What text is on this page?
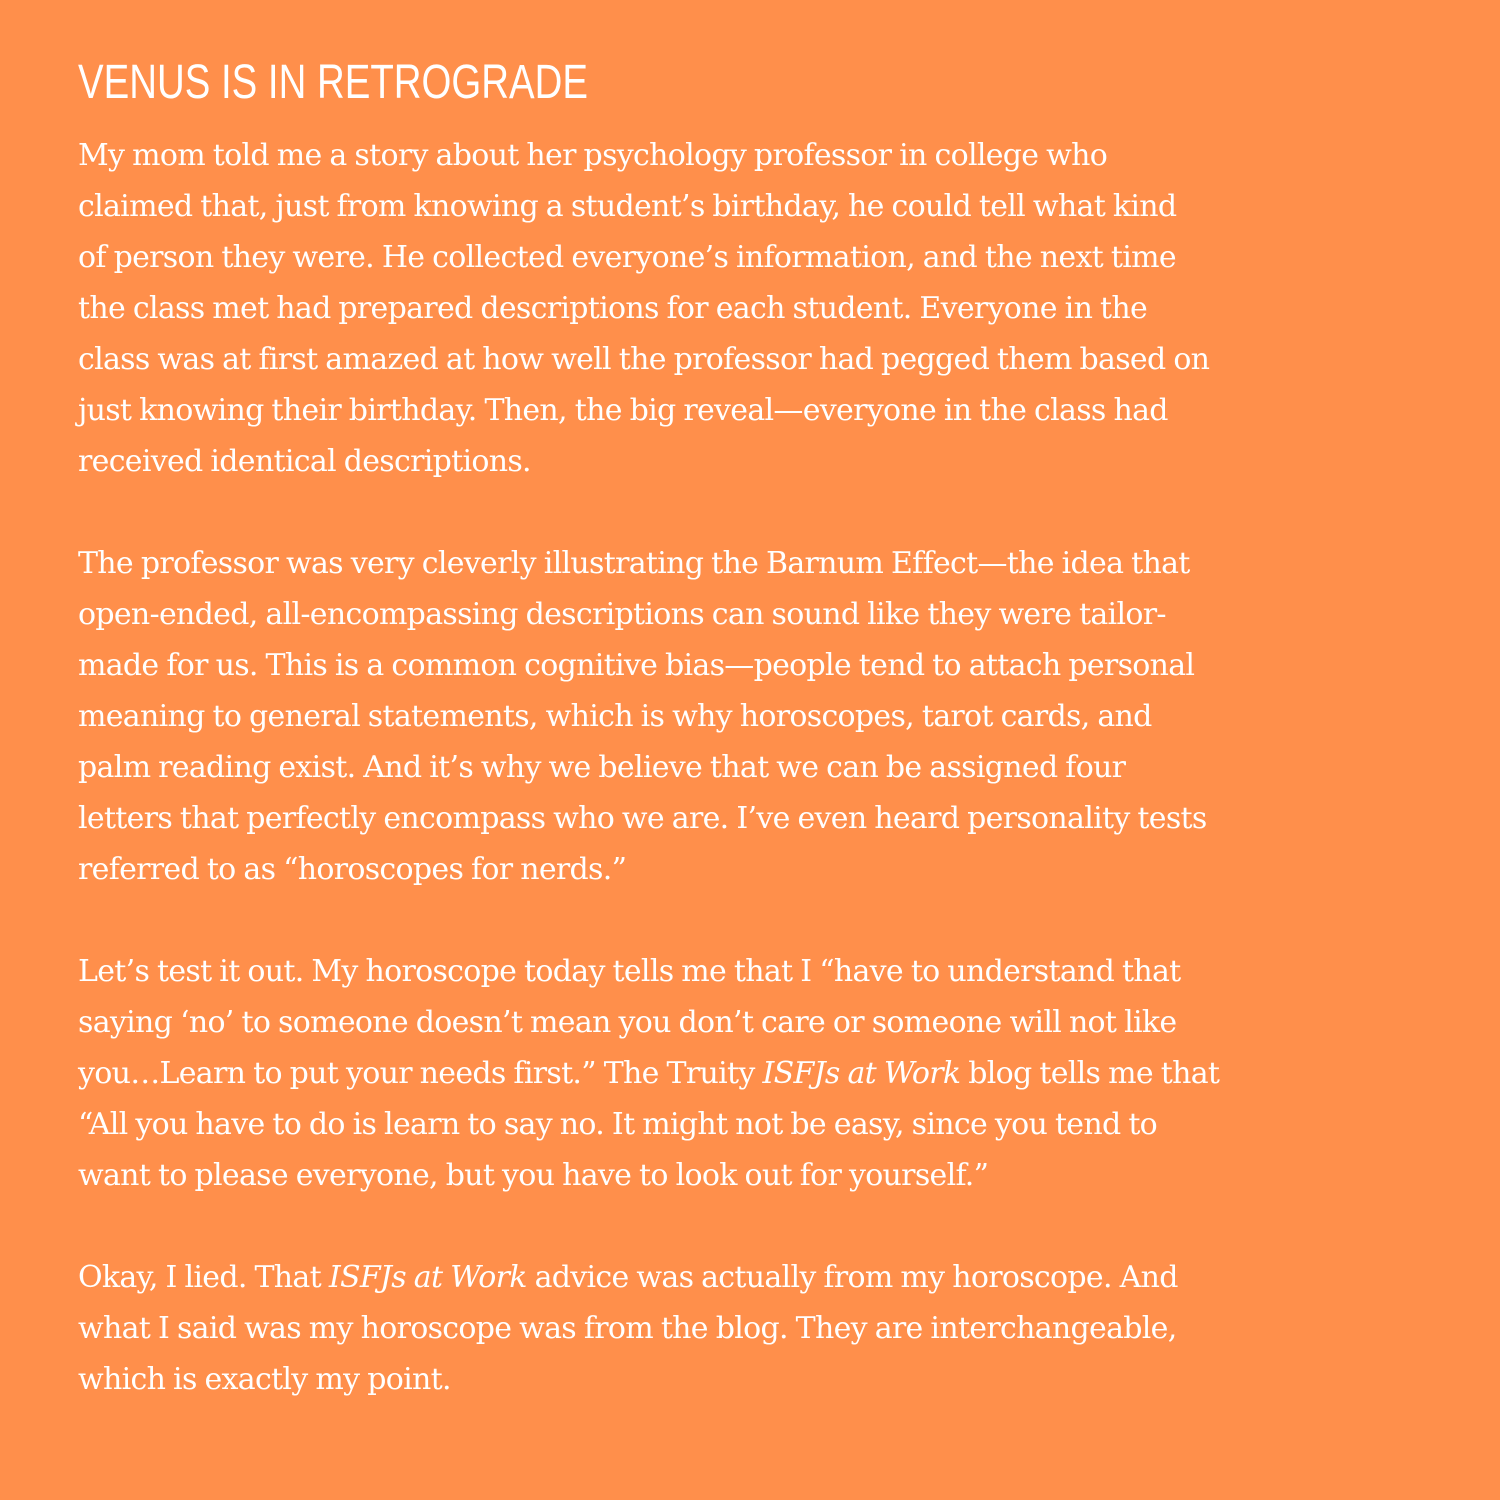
VENUS IS IN RETROGRADE

My mom told me a story about her psychology professor in college who
claimed that, just from knowing a student’s birthday, he could tell what kind
of person they were. He collected everyone’s information, and the next time
the class met had prepared descriptions for each student. Everyone in the
class was at first amazed at how well the professor had pegged them based on
just knowing their birthday. Then, the big reveal—everyone in the class had
received identical descriptions.

The professor was very cleverly illustrating the Barnum Effect—the idea that
open-ended, all-encompassing descriptions can sound like they were tailor-
made for us. This is a common cognitive bias—people tend to attach personal
meaning to general statements, which is why horoscopes, tarot cards, and
palm reading exist. And it’s why we believe that we can be assigned four
letters that perfectly encompass who we are. I’ve even heard personality tests
referred to as “horoscopes for nerds.”

Let’s test it out. My horoscope today tells me that I “have to understand that
saying ‘no’ to someone doesn’t mean you don’t care or someone will not like
you…Learn to put your needs first.” The Truity ISFJs at Work blog tells me that
“All you have to do is learn to say no. It might not be easy, since you tend to
want to please everyone, but you have to look out for yourself.”

Okay, I lied. That ISFJs at Work advice was actually from my horoscope. And
what I said was my horoscope was from the blog. They are interchangeable,
which is exactly my point.
